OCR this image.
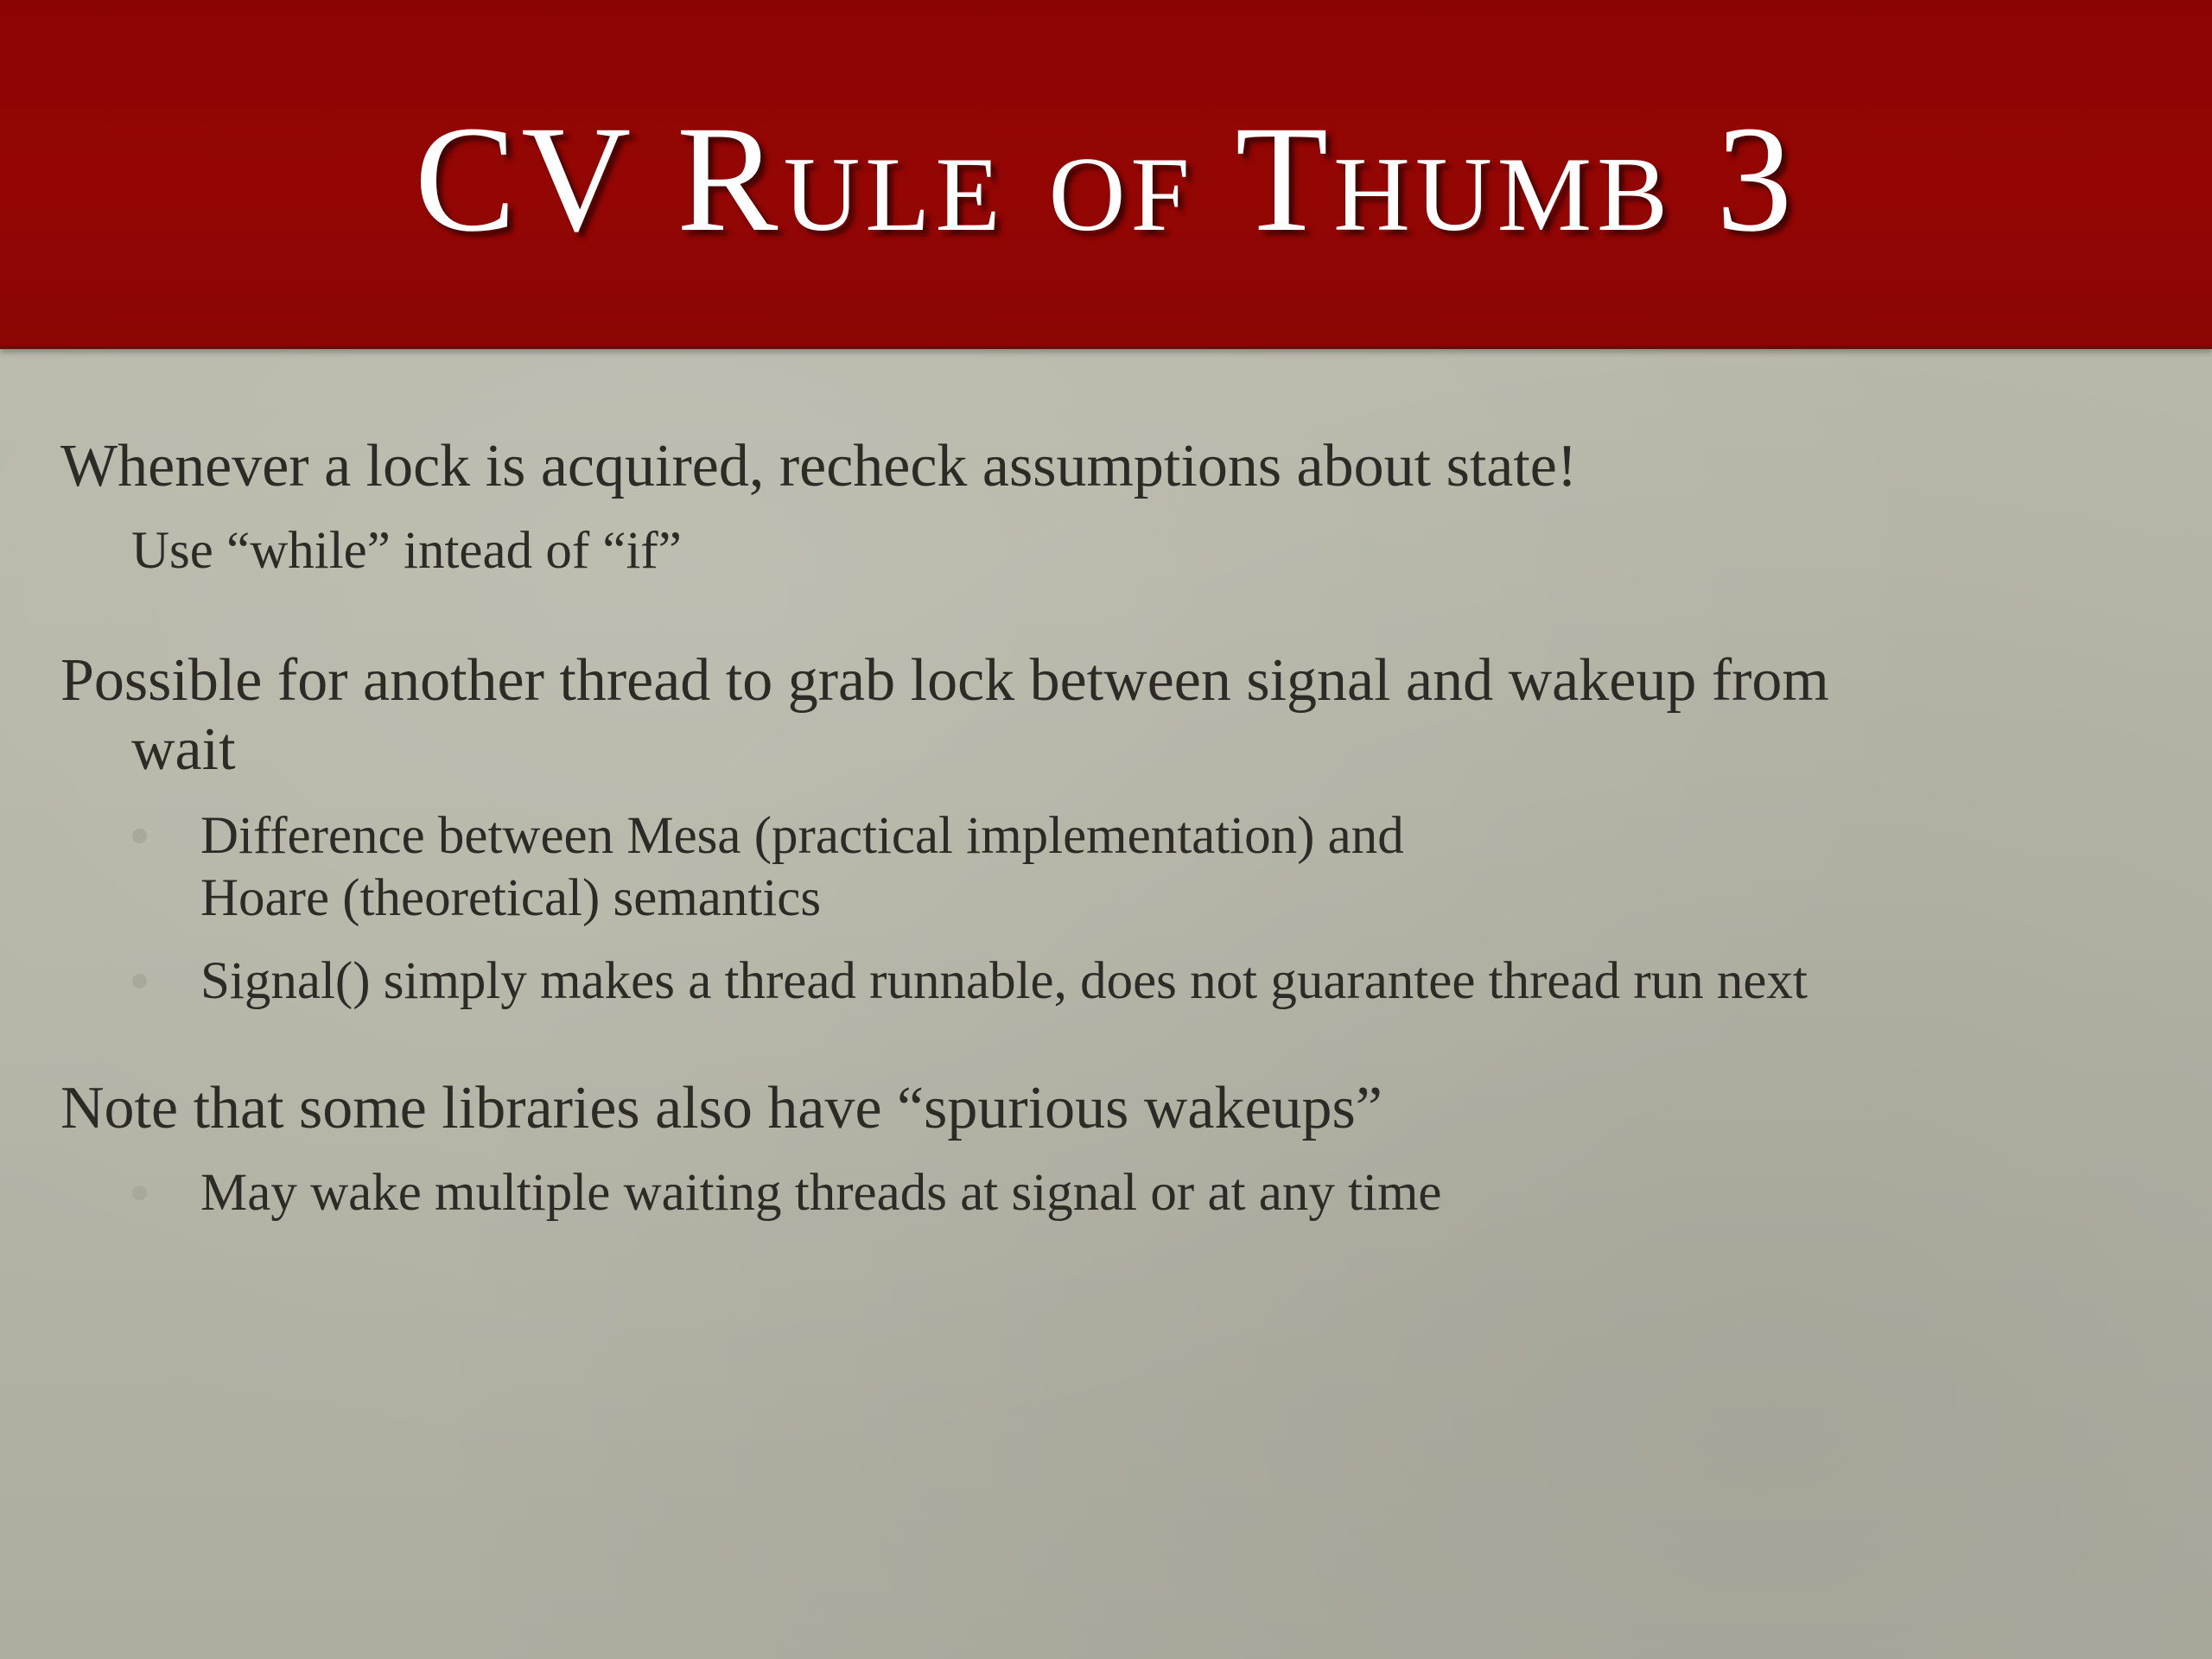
CV Rule of Thumb 3
Whenever a lock is acquired, recheck assumptions about state!
Use “while” intead of “if”
Possible for another thread to grab lock between signal and wakeup from
wait
Difference between Mesa (practical implementation) and
Hoare (theoretical) semantics
Signal() simply makes a thread runnable, does not guarantee thread run next
Note that some libraries also have “spurious wakeups”
May wake multiple waiting threads at signal or at any time
